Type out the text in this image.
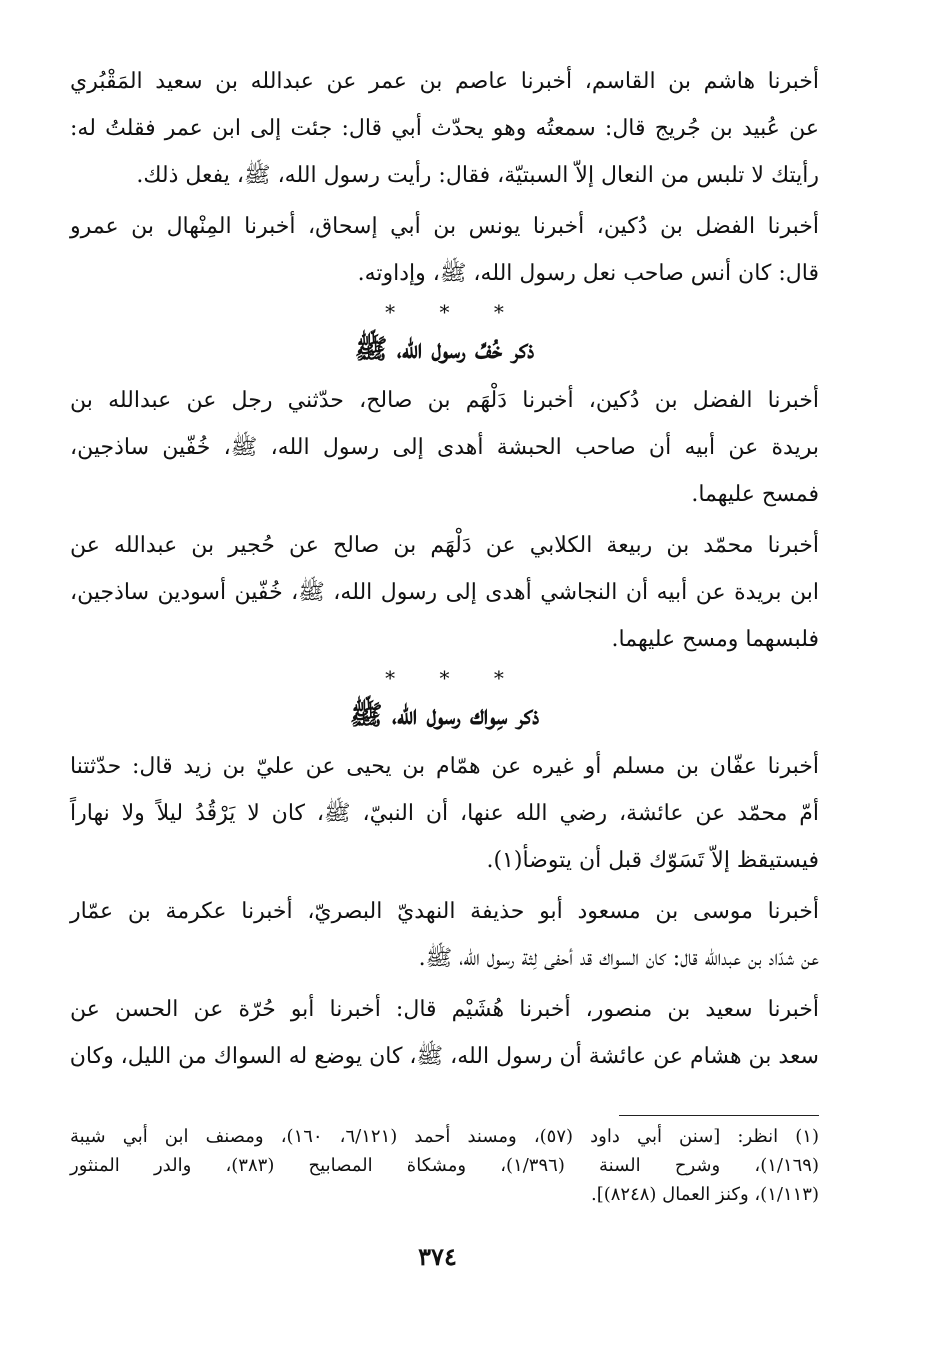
أخبرنا هاشم بن القاسم، أخبرنا عاصم بن عمر عن عبدالله بن سعيد المَقْبُري
عن عُبيد بن جُريج قال: سمعتُه وهو يحدّث أبي قال: جئت إلى ابن عمر فقلتُ له:
رأيتك لا تلبس من النعال إلاّ السبتيّة، فقال: رأيت رسول الله، ﷺ، يفعل ذلك.
أخبرنا الفضل بن دُكين، أخبرنا يونس بن أبي إسحاق، أخبرنا المِنْهال بن عمرو
قال: كان أنس صاحب نعل رسول الله، ﷺ، وإداوته.
* * *
ذكر خُفِّ رسول الله، ﷺ
أخبرنا الفضل بن دُكين، أخبرنا دَلْهَم بن صالح، حدّثني رجل عن عبدالله بن
بريدة عن أبيه أن صاحب الحبشة أهدى إلى رسول الله، ﷺ، خُفّين ساذجين،
فمسح عليهما.
أخبرنا محمّد بن ربيعة الكلابي عن دَلْهَم بن صالح عن حُجير بن عبدالله عن
ابن بريدة عن أبيه أن النجاشي أهدى إلى رسول الله، ﷺ، خُفّين أسودين ساذجين،
فلبسهما ومسح عليهما.
* * *
ذكر سِواك رسول الله، ﷺ
أخبرنا عفّان بن مسلم أو غيره عن همّام بن يحيى عن عليّ بن زيد قال: حدّثتنا
أمّ محمّد عن عائشة، رضي الله عنها، أن النبيّ، ﷺ، كان لا يَرْقُدُ ليلاً ولا نهاراً
فيستيقظ إلاّ تَسَوّك قبل أن يتوضأ(١).
أخبرنا موسى بن مسعود أبو حذيفة النهديّ البصريّ، أخبرنا عكرمة بن عمّار
عن شدّاد بن عبدالله قال: كان السواك قد أحفى لِثة رسول الله، ﷺ.
أخبرنا سعيد بن منصور، أخبرنا هُشَيْم قال: أخبرنا أبو حُرّة عن الحسن عن
سعد بن هشام عن عائشة أن رسول الله، ﷺ، كان يوضع له السواك من الليل، وكان
(١) انظر: [سنن أبي داود (٥٧)، ومسند أحمد (٦/١٢١، ١٦٠)، ومصنف ابن أبي شيبة
(١/١٦٩)، وشرح السنة (١/٣٩٦)، ومشكاة المصابيح (٣٨٣)، والدر المنثور
(١/١١٣)، وكنز العمال (٨٢٤٨)].
٣٧٤
